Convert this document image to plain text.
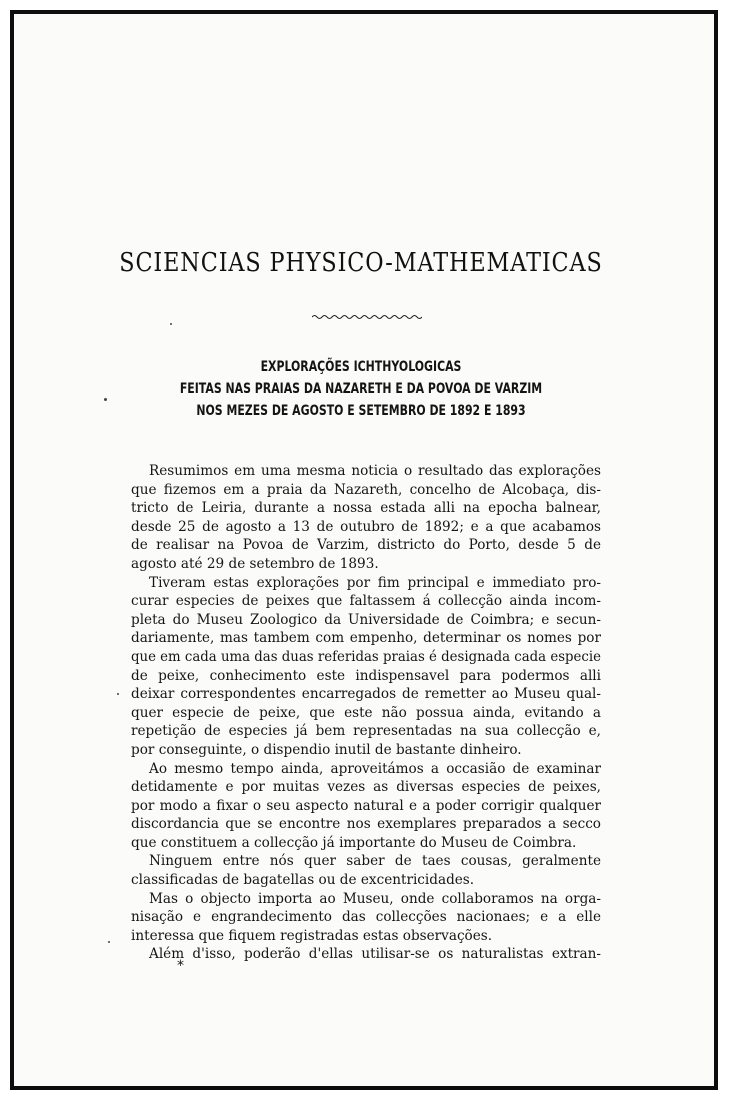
SCIENCIAS PHYSICO-MATHEMATICAS
EXPLORAÇÕES ICHTHYOLOGICAS
FEITAS NAS PRAIAS DA NAZARETH E DA POVOA DE VARZIM
NOS MEZES DE AGOSTO E SETEMBRO DE 1892 E 1893

Resumimos em uma mesma noticia o resultado das explorações
que fizemos em a praia da Nazareth, concelho de Alcobaça, dis-
tricto de Leiria, durante a nossa estada alli na epocha balnear,
desde 25 de agosto a 13 de outubro de 1892; e a que acabamos
de realisar na Povoa de Varzim, districto do Porto, desde 5 de
agosto até 29 de setembro de 1893.

Tiveram estas explorações por fim principal e immediato pro-
curar especies de peixes que faltassem á collecção ainda incom-
pleta do Museu Zoologico da Universidade de Coimbra; e secun-
dariamente, mas tambem com empenho, determinar os nomes por
que em cada uma das duas referidas praias é designada cada especie
de peixe, conhecimento este indispensavel para podermos alli
deixar correspondentes encarregados de remetter ao Museu qual-
quer especie de peixe, que este não possua ainda, evitando a
repetição de especies já bem representadas na sua collecção e,
por conseguinte, o dispendio inutil de bastante dinheiro.

Ao mesmo tempo ainda, aproveitámos a occasião de examinar
detidamente e por muitas vezes as diversas especies de peixes,
por modo a fixar o seu aspecto natural e a poder corrigir qualquer
discordancia que se encontre nos exemplares preparados a secco
que constituem a collecção já importante do Museu de Coimbra.

Ninguem entre nós quer saber de taes cousas, geralmente
classificadas de bagatellas ou de excentricidades.

Mas o objecto importa ao Museu, onde collaboramos na orga-
nisação e engrandecimento das collecções nacionaes; e a elle
interessa que fiquem registradas estas observações.

Além d'isso, poderão d'ellas utilisar-se os naturalistas extran-

*
